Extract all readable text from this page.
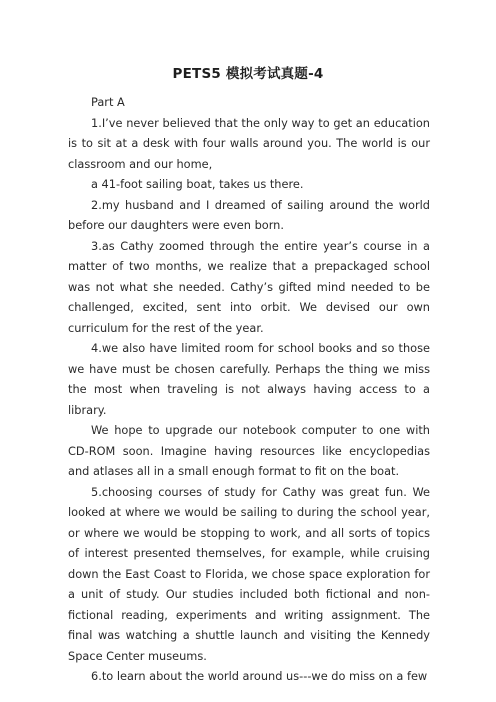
PETS5 模拟考试真题-4

Part A

1.I’ve never believed that the only way to get an education is to sit at a desk with four walls around you. The world is our classroom and our home,

a 41-foot sailing boat, takes us there.

2.my husband and I dreamed of sailing around the world before our daughters were even born.

3.as Cathy zoomed through the entire year’s course in a matter of two months, we realize that a prepackaged school was not what she needed. Cathy’s gifted mind needed to be challenged, excited, sent into orbit. We devised our own curriculum for the rest of the year.

4.we also have limited room for school books and so those we have must be chosen carefully. Perhaps the thing we miss the most when traveling is not always having access to a library.

We hope to upgrade our notebook computer to one with CD-ROM soon. Imagine having resources like encyclopedias and atlases all in a small enough format to fit on the boat.

5.choosing courses of study for Cathy was great fun. We looked at where we would be sailing to during the school year, or where we would be stopping to work, and all sorts of topics of interest presented themselves, for example, while cruising down the East Coast to Florida, we chose space exploration for a unit of study. Our studies included both fictional and non-fictional reading, experiments and writing assignment. The final was watching a shuttle launch and visiting the Kennedy Space Center museums.

6.to learn about the world around us---we do miss on a few
